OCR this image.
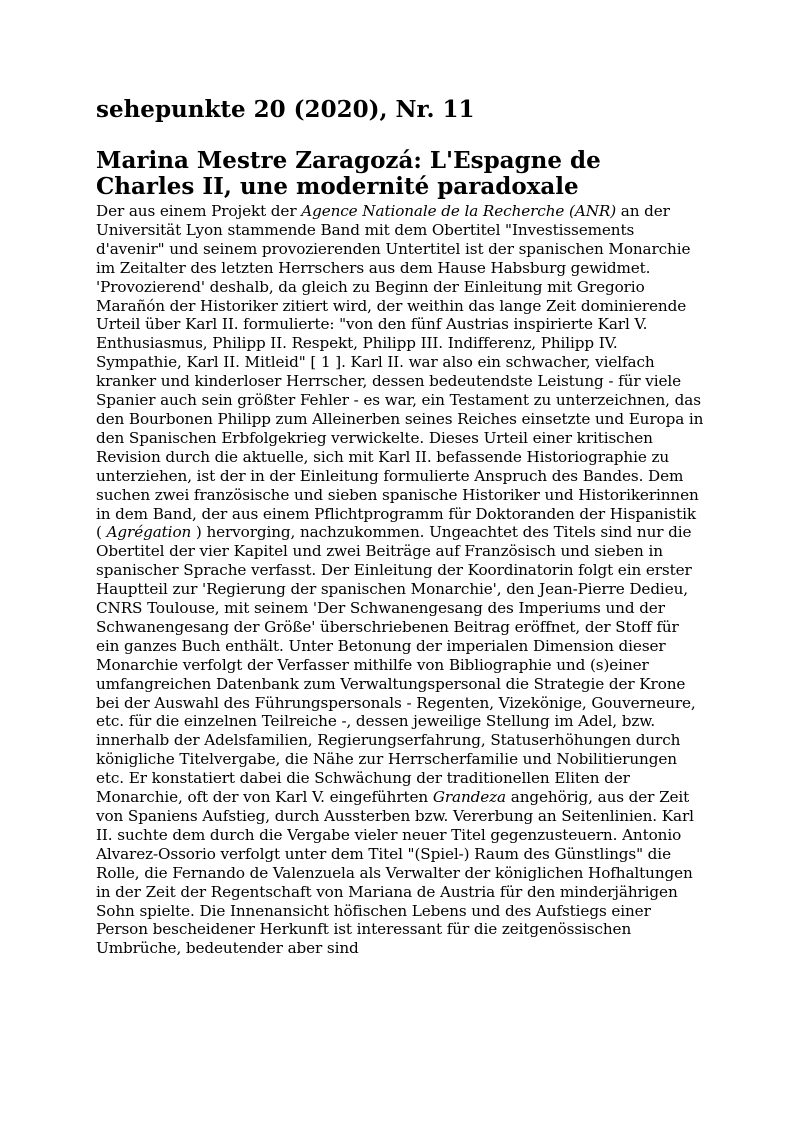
sehepunkte 20 (2020), Nr. 11
Marina Mestre Zaragozá: L'Espagne de Charles II, une modernité paradoxale

Der aus einem Projekt der Agence Nationale de la Recherche (ANR) an der Universität Lyon stammende Band mit dem Obertitel "Investissements d'avenir" und seinem provozierenden Untertitel ist der spanischen Monarchie im Zeitalter des letzten Herrschers aus dem Hause Habsburg gewidmet. 'Provozierend' deshalb, da gleich zu Beginn der Einleitung mit Gregorio Marañón der Historiker zitiert wird, der weithin das lange Zeit dominierende Urteil über Karl II. formulierte: "von den fünf Austrias inspirierte Karl V. Enthusiasmus, Philipp II. Respekt, Philipp III. Indifferenz, Philipp IV. Sympathie, Karl II. Mitleid" [ 1 ]. Karl II. war also ein schwacher, vielfach kranker und kinderloser Herrscher, dessen bedeutendste Leistung - für viele Spanier auch sein größter Fehler - es war, ein Testament zu unterzeichnen, das den Bourbonen Philipp zum Alleinerben seines Reiches einsetzte und Europa in den Spanischen Erbfolgekrieg verwickelte. Dieses Urteil einer kritischen Revision durch die aktuelle, sich mit Karl II. befassende Historiographie zu unterziehen, ist der in der Einleitung formulierte Anspruch des Bandes. Dem suchen zwei französische und sieben spanische Historiker und Historikerinnen in dem Band, der aus einem Pflichtprogramm für Doktoranden der Hispanistik ( Agrégation ) hervorging, nachzukommen. Ungeachtet des Titels sind nur die Obertitel der vier Kapitel und zwei Beiträge auf Französisch und sieben in spanischer Sprache verfasst. Der Einleitung der Koordinatorin folgt ein erster Hauptteil zur 'Regierung der spanischen Monarchie', den Jean-Pierre Dedieu, CNRS Toulouse, mit seinem 'Der Schwanengesang des Imperiums und der Schwanengesang der Größe' überschriebenen Beitrag eröffnet, der Stoff für ein ganzes Buch enthält. Unter Betonung der imperialen Dimension dieser Monarchie verfolgt der Verfasser mithilfe von Bibliographie und (s)einer umfangreichen Datenbank zum Verwaltungspersonal die Strategie der Krone bei der Auswahl des Führungspersonals - Regenten, Vizekönige, Gouverneure, etc. für die einzelnen Teilreiche -, dessen jeweilige Stellung im Adel, bzw. innerhalb der Adelsfamilien, Regierungserfahrung, Statuserhöhungen durch königliche Titelvergabe, die Nähe zur Herrscherfamilie und Nobilitierungen etc. Er konstatiert dabei die Schwächung der traditionellen Eliten der Monarchie, oft der von Karl V. eingeführten Grandeza angehörig, aus der Zeit von Spaniens Aufstieg, durch Aussterben bzw. Vererbung an Seitenlinien. Karl II. suchte dem durch die Vergabe vieler neuer Titel gegenzusteuern. Antonio Alvarez-Ossorio verfolgt unter dem Titel "(Spiel-) Raum des Günstlings" die Rolle, die Fernando de Valenzuela als Verwalter der königlichen Hofhaltungen in der Zeit der Regentschaft von Mariana de Austria für den minderjährigen Sohn spielte. Die Innenansicht höfischen Lebens und des Aufstiegs einer Person bescheidener Herkunft ist interessant für die zeitgenössischen Umbrüche, bedeutender aber sind
